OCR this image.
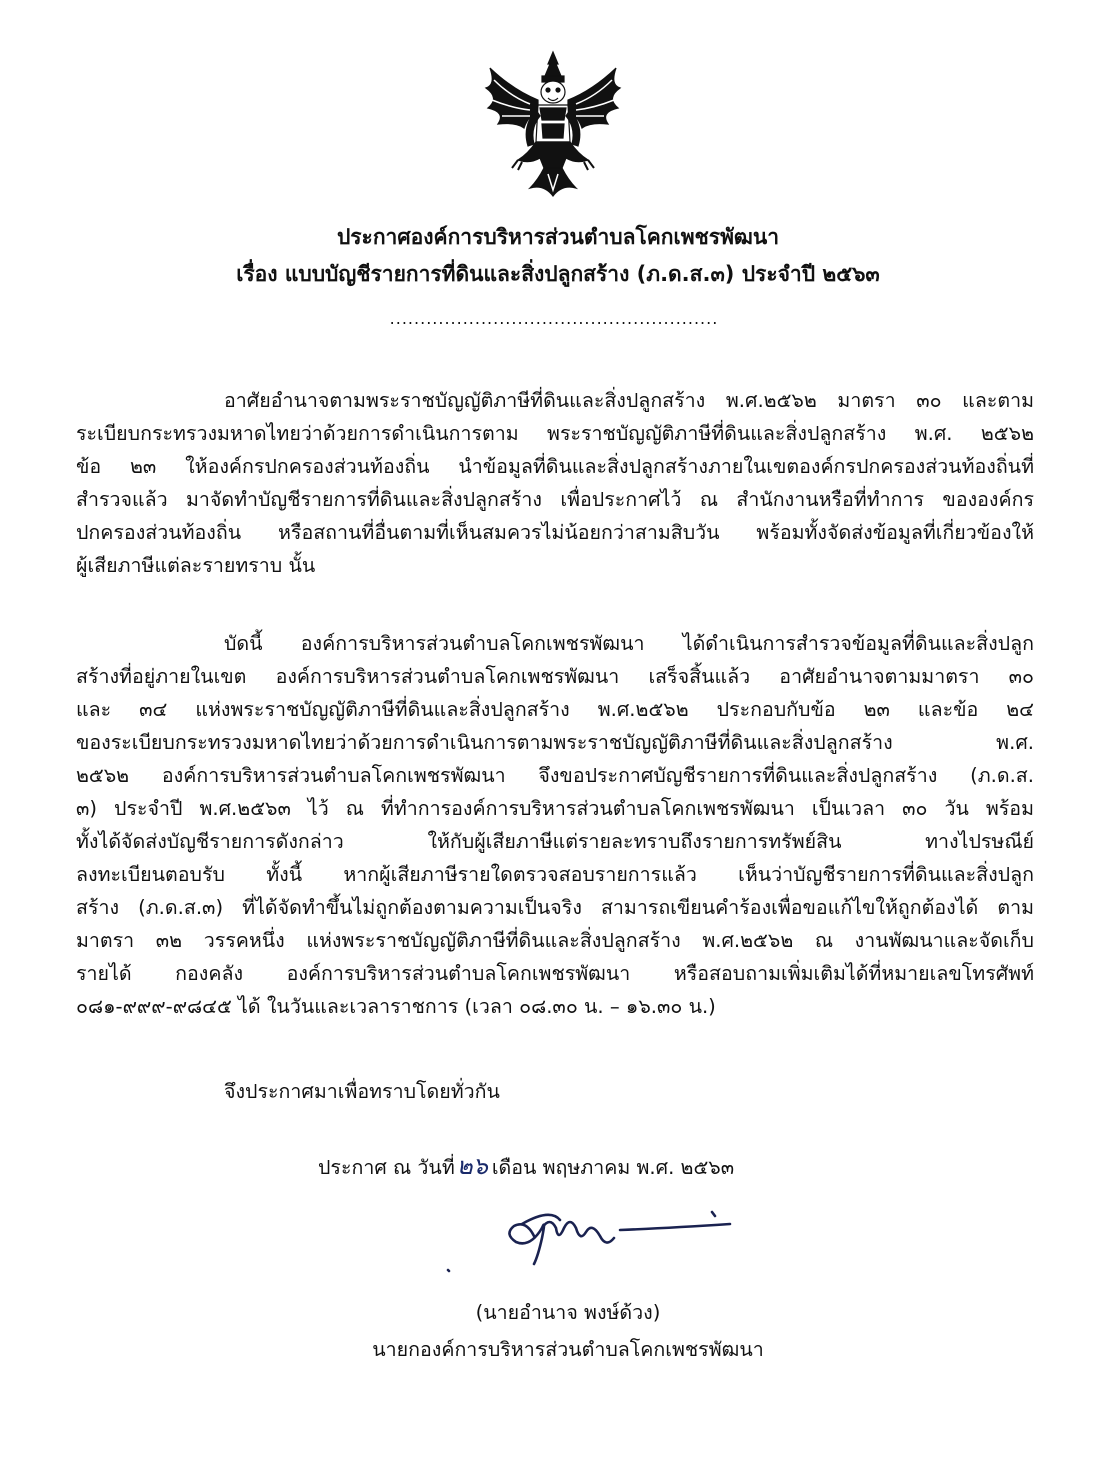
ประกาศองค์การบริหารส่วนตำบลโคกเพชรพัฒนา
เรื่อง แบบบัญชีรายการที่ดินและสิ่งปลูกสร้าง (ภ.ด.ส.๓) ประจำปี ๒๕๖๓
......................................................
อาศัยอำนาจตามพระราชบัญญัติภาษีที่ดินและสิ่งปลูกสร้าง พ.ศ.๒๕๖๒ มาตรา ๓๐ และตาม
ระเบียบกระทรวงมหาดไทยว่าด้วยการดำเนินการตาม พระราชบัญญัติภาษีที่ดินและสิ่งปลูกสร้าง พ.ศ. ๒๕๖๒
ข้อ ๒๓ ให้องค์กรปกครองส่วนท้องถิ่น นำข้อมูลที่ดินและสิ่งปลูกสร้างภายในเขตองค์กรปกครองส่วนท้องถิ่นที่
สำรวจแล้ว มาจัดทำบัญชีรายการที่ดินและสิ่งปลูกสร้าง เพื่อประกาศไว้ ณ สำนักงานหรือที่ทำการ ขององค์กร
ปกครองส่วนท้องถิ่น หรือสถานที่อื่นตามที่เห็นสมควรไม่น้อยกว่าสามสิบวัน พร้อมทั้งจัดส่งข้อมูลที่เกี่ยวข้องให้
ผู้เสียภาษีแต่ละรายทราบ นั้น
บัดนี้ องค์การบริหารส่วนตำบลโคกเพชรพัฒนา ได้ดำเนินการสำรวจข้อมูลที่ดินและสิ่งปลูก
สร้างที่อยู่ภายในเขต องค์การบริหารส่วนตำบลโคกเพชรพัฒนา เสร็จสิ้นแล้ว อาศัยอำนาจตามมาตรา ๓๐
และ ๓๔ แห่งพระราชบัญญัติภาษีที่ดินและสิ่งปลูกสร้าง พ.ศ.๒๕๖๒ ประกอบกับข้อ ๒๓ และข้อ ๒๔
ของระเบียบกระทรวงมหาดไทยว่าด้วยการดำเนินการตามพระราชบัญญัติภาษีที่ดินและสิ่งปลูกสร้าง พ.ศ.
๒๕๖๒ องค์การบริหารส่วนตำบลโคกเพชรพัฒนา จึงขอประกาศบัญชีรายการที่ดินและสิ่งปลูกสร้าง (ภ.ด.ส.
๓) ประจำปี พ.ศ.๒๕๖๓ ไว้ ณ ที่ทำการองค์การบริหารส่วนตำบลโคกเพชรพัฒนา เป็นเวลา ๓๐ วัน พร้อม
ทั้งได้จัดส่งบัญชีรายการดังกล่าว ให้กับผู้เสียภาษีแต่รายละทราบถึงรายการทรัพย์สิน ทางไปรษณีย์
ลงทะเบียนตอบรับ ทั้งนี้ หากผู้เสียภาษีรายใดตรวจสอบรายการแล้ว เห็นว่าบัญชีรายการที่ดินและสิ่งปลูก
สร้าง (ภ.ด.ส.๓) ที่ได้จัดทำขึ้นไม่ถูกต้องตามความเป็นจริง สามารถเขียนคำร้องเพื่อขอแก้ไขให้ถูกต้องได้ ตาม
มาตรา ๓๒ วรรคหนึ่ง แห่งพระราชบัญญัติภาษีที่ดินและสิ่งปลูกสร้าง พ.ศ.๒๕๖๒ ณ งานพัฒนาและจัดเก็บ
รายได้ กองคลัง องค์การบริหารส่วนตำบลโคกเพชรพัฒนา หรือสอบถามเพิ่มเติมได้ที่หมายเลขโทรศัพท์
๐๘๑-๙๙๙-๙๘๔๕ ได้ ในวันและเวลาราชการ (เวลา ๐๘.๓๐ น. – ๑๖.๓๐ น.)
จึงประกาศมาเพื่อทราบโดยทั่วกัน
ประกาศ ณ วันที่๒๖ เดือน พฤษภาคม พ.ศ. ๒๕๖๓
(นายอำนาจ พงษ์ด้วง)
นายกองค์การบริหารส่วนตำบลโคกเพชรพัฒนา
